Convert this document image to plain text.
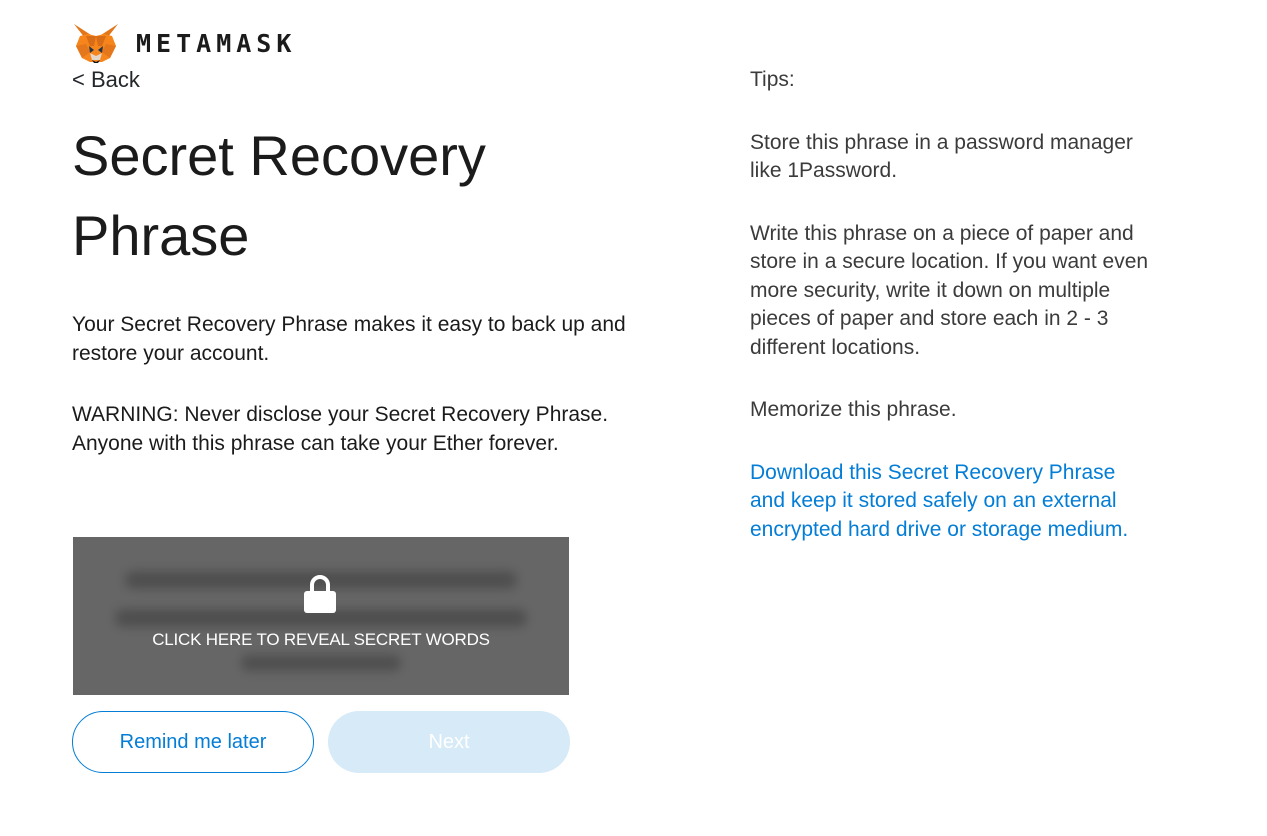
METAMASK
< Back
Secret Recovery Phrase

Your Secret Recovery Phrase makes it easy to back up and restore your account.

WARNING: Never disclose your Secret Recovery Phrase. Anyone with this phrase can take your Ether forever.

CLICK HERE TO REVEAL SECRET WORDS
Remind me later	Next

Tips:

Store this phrase in a password manager like 1Password.

Write this phrase on a piece of paper and store in a secure location. If you want even more security, write it down on multiple pieces of paper and store each in 2 - 3 different locations.

Memorize this phrase.

Download this Secret Recovery Phrase and keep it stored safely on an external encrypted hard drive or storage medium.
